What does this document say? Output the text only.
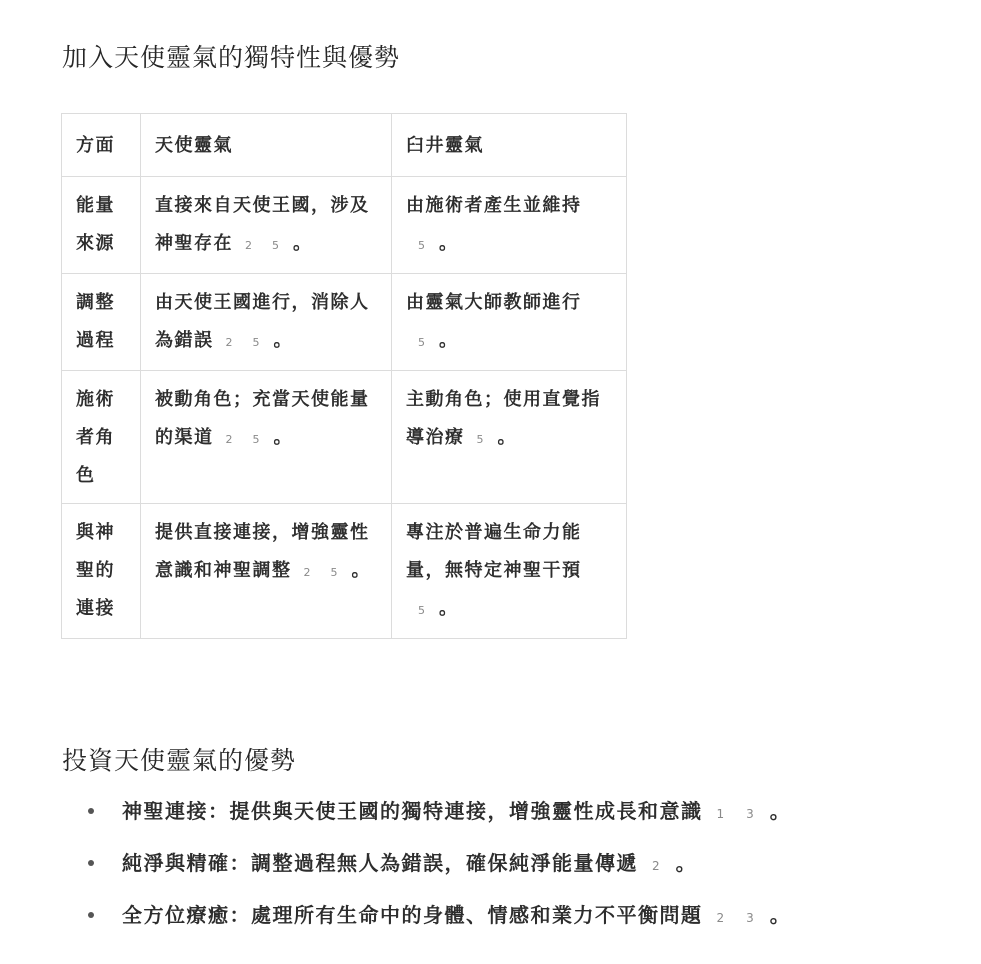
加入天使靈氣的獨特性與優勢
方面	天使靈氣	臼井靈氣
能量來源	直接來自天使王國，涉及神聖存在 2 5 。	由施術者產生並維持5 。
調整過程	由天使王國進行，消除人為錯誤 2 5 。	由靈氣大師教師進行5 。
施術者角色	被動角色；充當天使能量的渠道 2 5 。	主動角色；使用直覺指導治療 5 。
與神聖的連接	提供直接連接，增強靈性意識和神聖調整 2 5 。	專注於普遍生命力能量，無特定神聖干預5 。
投資天使靈氣的優勢
神聖連接：提供與天使王國的獨特連接，增強靈性成長和意識 1 3 。
純淨與精確：調整過程無人為錯誤，確保純淨能量傳遞 2 。
全方位療癒：處理所有生命中的身體、情感和業力不平衡問題 2 3 。
